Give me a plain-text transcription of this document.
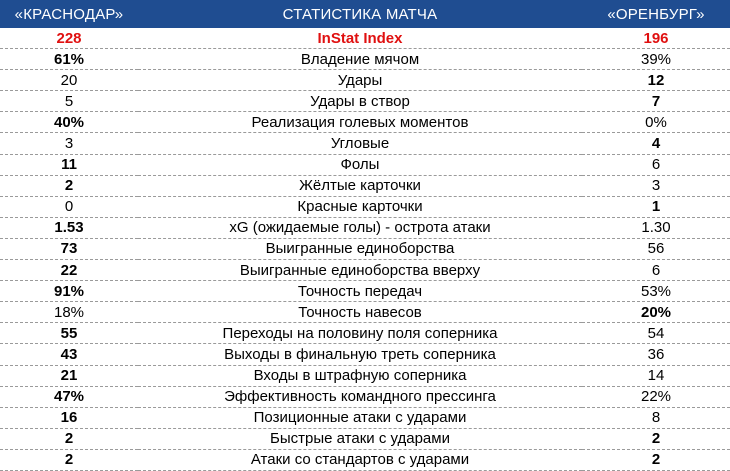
«КРАСНОДАР»	СТАТИСТИКА МАТЧА	«ОРЕНБУРГ»
228	InStat Index	196
61%	Владение мячом	39%
20	Удары	12
5	Удары в створ	7
40%	Реализация голевых моментов	0%
3	Угловые	4
11	Фолы	6
2	Жёлтые карточки	3
0	Красные карточки	1
1.53	xG (ожидаемые голы) - острота атаки	1.30
73	Выигранные единоборства	56
22	Выигранные единоборства вверху	6
91%	Точность передач	53%
18%	Точность навесов	20%
55	Переходы на половину поля соперника	54
43	Выходы в финальную треть соперника	36
21	Входы в штрафную соперника	14
47%	Эффективность командного прессинга	22%
16	Позиционные атаки с ударами	8
2	Быстрые атаки с ударами	2
2	Атаки со стандартов с ударами	2
